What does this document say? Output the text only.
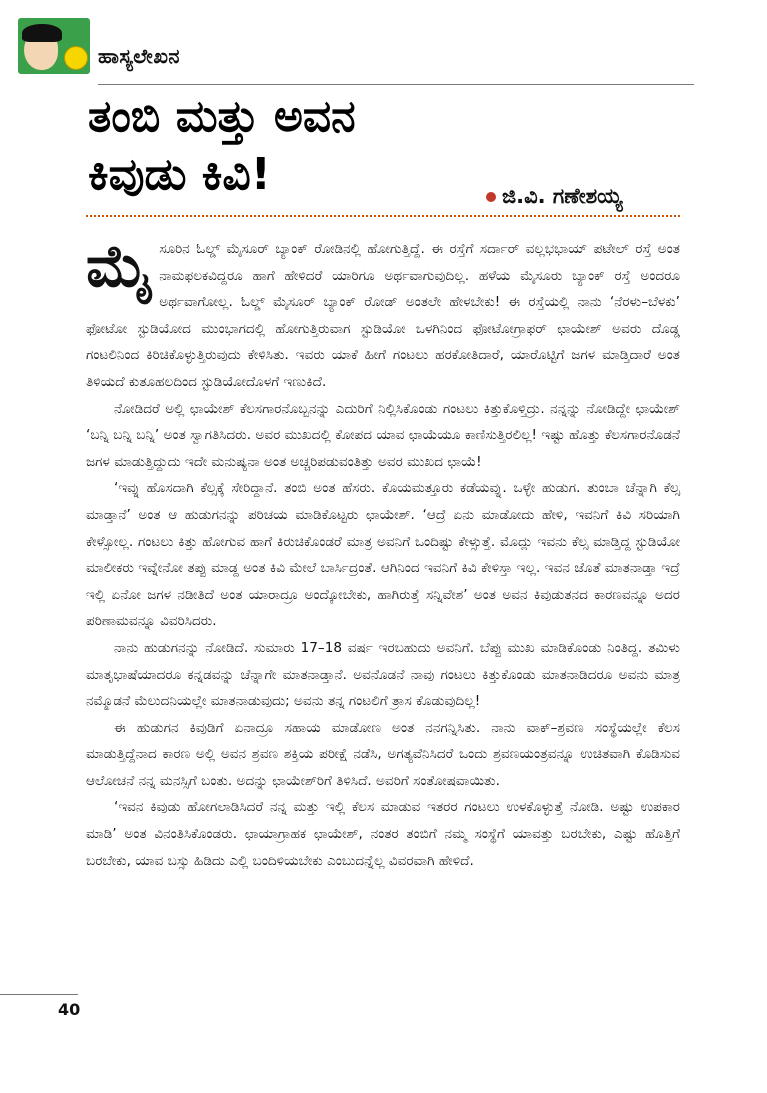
ಹಾಸ್ಯಲೇಖನ
ತಂಬಿ ಮತ್ತು ಅವನ
ಕಿವುಡು ಕಿವಿ!	ಜಿ.ವಿ. ಗಣೇಶಯ್ಯ

ಮೈಸೂರಿನ ಓಲ್ಡ್ ಮೈಸೂರ್ ಬ್ಯಾಂಕ್ ರೋಡಿನಲ್ಲಿ ಹೋಗುತ್ತಿದ್ದೆ. ಈ ರಸ್ತೆಗೆ ಸರ್ದಾರ್ ವಲ್ಲಭಭಾಯ್ ಪಟೇಲ್ ರಸ್ತೆ ಅಂತ ನಾಮಫಲಕವಿದ್ದರೂ ಹಾಗೆ ಹೇಳಿದರೆ ಯಾರಿಗೂ ಅರ್ಥವಾಗುವುದಿಲ್ಲ. ಹಳೆಯ ಮೈಸೂರು ಬ್ಯಾಂಕ್ ರಸ್ತೆ ಅಂದರೂ ಅರ್ಥವಾಗೋಲ್ಲ. ಓಲ್ಡ್ ಮೈಸೂರ್ ಬ್ಯಾಂಕ್ ರೋಡ್ ಅಂತಲೇ ಹೇಳಬೇಕು! ಈ ರಸ್ತೆಯಲ್ಲಿ ನಾನು ‘ನೆರಳು–ಬೆಳಕು’ ಫೋಟೋ ಸ್ಟುಡಿಯೋದ ಮುಂಭಾಗದಲ್ಲಿ ಹೋಗುತ್ತಿರುವಾಗ ಸ್ಟುಡಿಯೋ ಒಳಗಿನಿಂದ ಫೋಟೋಗ್ರಾಫರ್ ಛಾಯೇಶ್ ಅವರು ದೊಡ್ಡ ಗಂಟಲಿನಿಂದ ಕಿರಿಚಿಕೊಳ್ಳುತ್ತಿರುವುದು ಕೇಳಿಸಿತು. ಇವರು ಯಾಕೆ ಹೀಗೆ ಗಂಟಲು ಹರಕೋತಿದಾರೆ, ಯಾರೊಟ್ಟಿಗೆ ಜಗಳ ಮಾಡ್ತಿದಾರೆ ಅಂತ ತಿಳಿಯದೆ ಕುತೂಹಲದಿಂದ ಸ್ಟುಡಿಯೋದೊಳಗೆ ಇಣುಕಿದೆ.

ನೋಡಿದರೆ ಅಲ್ಲಿ ಛಾಯೇಶ್ ಕೆಲಸಗಾರನೊಬ್ಬನನ್ನು ಎದುರಿಗೆ ನಿಲ್ಲಿಸಿಕೊಂಡು ಗಂಟಲು ಕಿತ್ತುಕೊಳ್ತಿದ್ರು. ನನ್ನನ್ನು ನೋಡಿದ್ದೇ ಛಾಯೇಶ್ ‘ಬನ್ನಿ ಬನ್ನಿ ಬನ್ನಿ’ ಅಂತ ಸ್ವಾಗತಿಸಿದರು. ಅವರ ಮುಖದಲ್ಲಿ ಕೋಪದ ಯಾವ ಛಾಯೆಯೂ ಕಾಣಿಸುತ್ತಿರಲಿಲ್ಲ! ಇಷ್ಟು ಹೊತ್ತು ಕೆಲಸಗಾರನೊಡನೆ ಜಗಳ ಮಾಡುತ್ತಿದ್ದುದು ಇದೇ ಮನುಷ್ಯನಾ ಅಂತ ಅಚ್ಚರಿಪಡುವಂತಿತ್ತು ಅವರ ಮುಖದ ಛಾಯೆ!

‘ಇವ್ನು ಹೊಸದಾಗಿ ಕೆಲ್ಸಕ್ಕೆ ಸೇರಿದ್ದಾನೆ. ತಂಬಿ ಅಂತ ಹೆಸರು. ಕೊಯಮತ್ತೂರು ಕಡೆಯವ್ನು. ಒಳ್ಳೇ ಹುಡುಗ. ತುಂಬಾ ಚೆನ್ನಾಗಿ ಕೆಲ್ಸ ಮಾಡ್ತಾನೆ’ ಅಂತ ಆ ಹುಡುಗನನ್ನು ಪರಿಚಯ ಮಾಡಿಕೊಟ್ಟರು ಛಾಯೇಶ್. ‘ಆದ್ರೆ ಏನು ಮಾಡೋದು ಹೇಳಿ, ಇವನಿಗೆ ಕಿವಿ ಸರಿಯಾಗಿ ಕೇಳ್ಸೋಲ್ಲ. ಗಂಟಲು ಕಿತ್ತು ಹೋಗುವ ಹಾಗೆ ಕಿರುಚಿಕೊಂಡರೆ ಮಾತ್ರ ಅವನಿಗೆ ಒಂದಿಷ್ಟು ಕೇಳ್ಸುತ್ತೆ. ಮೊದ್ಲು ಇವನು ಕೆಲ್ಸ ಮಾಡ್ತಿದ್ದ ಸ್ಟುಡಿಯೋ ಮಾಲೀಕರು ಇವ್ನೇನೋ ತಪ್ಪು ಮಾಡ್ದ ಅಂತ ಕಿವಿ ಮೇಲೆ ಬಾರ್ಸಿದ್ರಂತೆ. ಆಗಿನಿಂದ ಇವನಿಗೆ ಕಿವಿ ಕೇಳಿಸ್ತಾ ಇಲ್ಲ. ಇವನ ಜೊತೆ ಮಾತನಾಡ್ತಾ ಇದ್ರೆ ಇಲ್ಲಿ ಏನೋ ಜಗಳ ನಡೀತಿದೆ ಅಂತ ಯಾರಾದ್ರೂ ಅಂದ್ಕೋಬೇಕು, ಹಾಗಿರುತ್ತೆ ಸನ್ನಿವೇಶ’ ಅಂತ ಅವನ ಕಿವುಡುತನದ ಕಾರಣವನ್ನೂ ಅದರ ಪರಿಣಾಮವನ್ನೂ ವಿವರಿಸಿದರು.

ನಾನು ಹುಡುಗನನ್ನು ನೋಡಿದೆ. ಸುಮಾರು 17–18 ವರ್ಷ ಇರಬಹುದು ಅವನಿಗೆ. ಬೆಪ್ಪು ಮುಖ ಮಾಡಿಕೊಂಡು ನಿಂತಿದ್ದ. ತಮಿಳು ಮಾತೃಭಾಷೆಯಾದರೂ ಕನ್ನಡವನ್ನು ಚೆನ್ನಾಗೇ ಮಾತನಾಡ್ತಾನೆ. ಅವನೊಡನೆ ನಾವು ಗಂಟಲು ಕಿತ್ತುಕೊಂಡು ಮಾತನಾಡಿದರೂ ಅವನು ಮಾತ್ರ ನಮ್ಮೊಡನೆ ಮೆಲುದನಿಯಲ್ಲೇ ಮಾತನಾಡುವುದು; ಅವನು ತನ್ನ ಗಂಟಲಿಗೆ ತ್ರಾಸ ಕೊಡುವುದಿಲ್ಲ!

ಈ ಹುಡುಗನ ಕಿವುಡಿಗೆ ಏನಾದ್ರೂ ಸಹಾಯ ಮಾಡೋಣ ಅಂತ ನನಗನ್ನಿಸಿತು. ನಾನು ವಾಕ್–ಶ್ರವಣ ಸಂಸ್ಥೆಯಲ್ಲೇ ಕೆಲಸ ಮಾಡುತ್ತಿದ್ದೆನಾದ ಕಾರಣ ಅಲ್ಲಿ ಅವನ ಶ್ರವಣ ಶಕ್ತಿಯ ಪರೀಕ್ಷೆ ನಡೆಸಿ, ಅಗತ್ಯವೆನಿಸಿದರೆ ಒಂದು ಶ್ರವಣಯಂತ್ರವನ್ನೂ ಉಚಿತವಾಗಿ ಕೊಡಿಸುವ ಆಲೋಚನೆ ನನ್ನ ಮನಸ್ಸಿಗೆ ಬಂತು. ಅದನ್ನು ಛಾಯೇಶ್‌ರಿಗೆ ತಿಳಿಸಿದೆ. ಅವರಿಗೆ ಸಂತೋಷವಾಯಿತು.

‘ಇವನ ಕಿವುಡು ಹೋಗಲಾಡಿಸಿದರೆ ನನ್ನ ಮತ್ತು ಇಲ್ಲಿ ಕೆಲಸ ಮಾಡುವ ಇತರರ ಗಂಟಲು ಉಳಕೊಳ್ಳುತ್ತೆ ನೋಡಿ. ಅಷ್ಟು ಉಪಕಾರ ಮಾಡಿ’ ಅಂತ ವಿನಂತಿಸಿಕೊಂಡರು. ಛಾಯಾಗ್ರಾಹಕ ಛಾಯೇಶ್, ನಂತರ ತಂಬಿಗೆ ನಮ್ಮ ಸಂಸ್ಥೆಗೆ ಯಾವತ್ತು ಬರಬೇಕು, ಎಷ್ಟು ಹೊತ್ತಿಗೆ ಬರಬೇಕು, ಯಾವ ಬಸ್ಸು ಹಿಡಿದು ಎಲ್ಲಿ ಬಂದಿಳಿಯಬೇಕು ಎಂಬುದನ್ನೆಲ್ಲ ವಿವರವಾಗಿ ಹೇಳಿದೆ.

40
